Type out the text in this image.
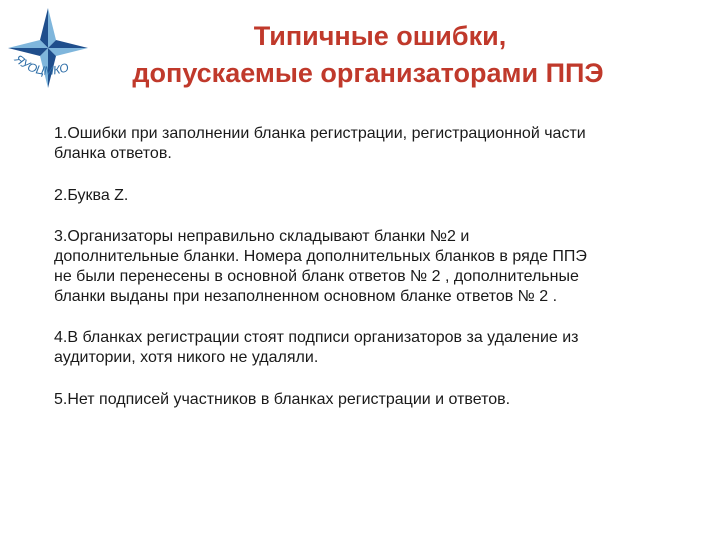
ЯУОЦМКО
Типичные ошибки,
допускаемые организаторами ППЭ
1.Ошибки при заполнении бланка регистрации, регистрационной части
бланка ответов.
2.Буква Z.
3.Организаторы неправильно складывают бланки №2 и
дополнительные бланки. Номера дополнительных бланков в ряде ППЭ
не были перенесены в основной бланк ответов № 2 , дополнительные
бланки выданы при незаполненном основном бланке ответов № 2 .
4.В бланках регистрации стоят подписи организаторов за удаление из
аудитории, хотя никого не удаляли.
5.Нет подписей участников в бланках регистрации и ответов.
